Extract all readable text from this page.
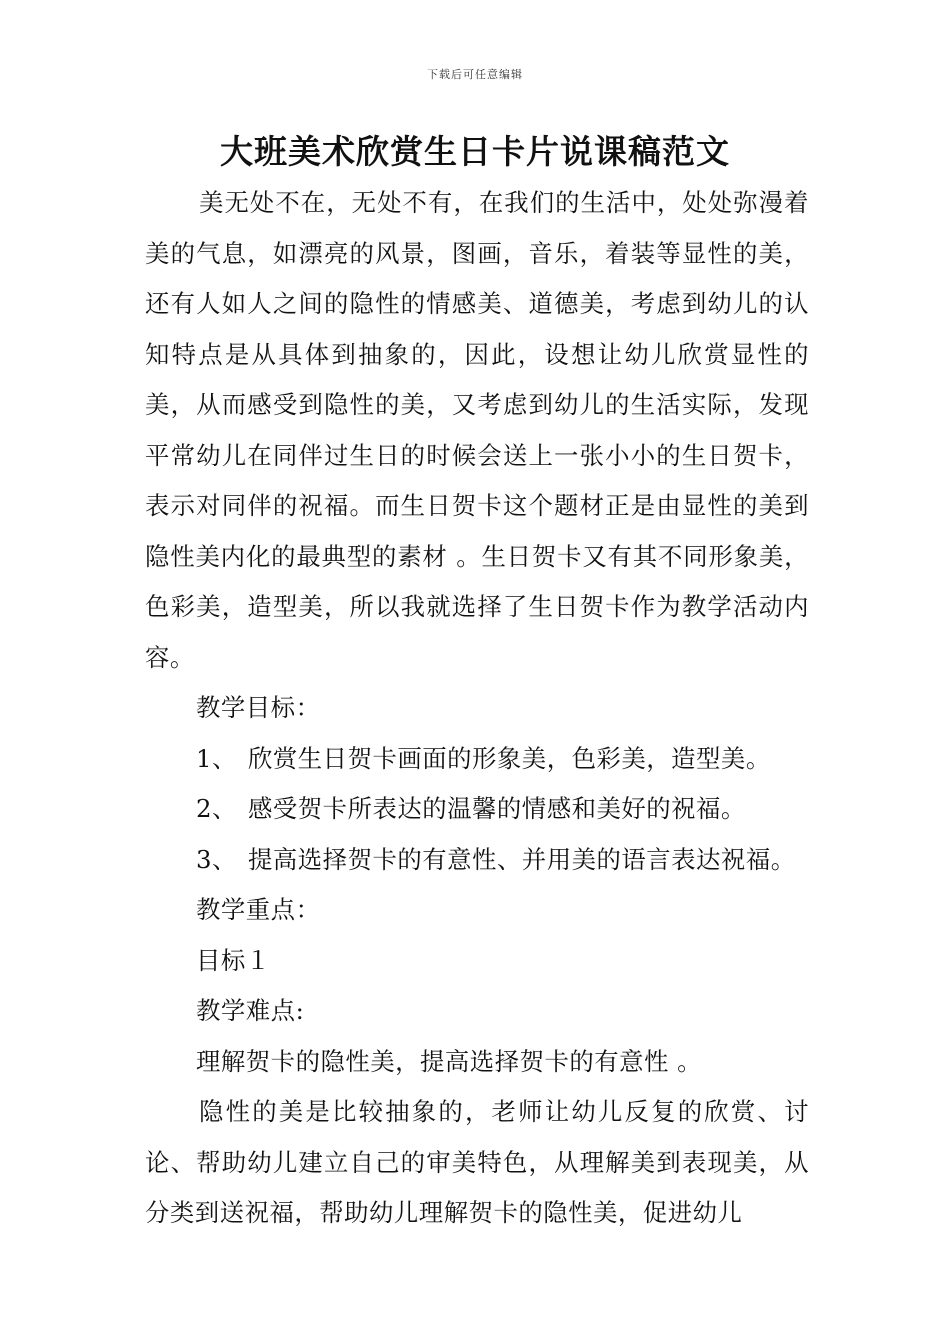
下载后可任意编辑
大班美术欣赏生日卡片说课稿范文

美无处不在，无处不有，在我们的生活中，处处弥漫着美的气息，如漂亮的风景，图画，音乐，着装等显性的美，还有人如人之间的隐性的情感美、道德美，考虑到幼儿的认知特点是从具体到抽象的，因此，设想让幼儿欣赏显性的美，从而感受到隐性的美，又考虑到幼儿的生活实际，发现平常幼儿在同伴过生日的时候会送上一张小小的生日贺卡，表示对同伴的祝福。而生日贺卡这个题材正是由显性的美到隐性美内化的最典型的素材 。生日贺卡又有其不同形象美，色彩美，造型美，所以我就选择了生日贺卡作为教学活动内容。

教学目标：

1、 欣赏生日贺卡画面的形象美，色彩美，造型美。

2、 感受贺卡所表达的温馨的情感和美好的祝福。

3、 提高选择贺卡的有意性、并用美的语言表达祝福。

教学重点：

目标１

教学难点:

理解贺卡的隐性美，提高选择贺卡的有意性 。

隐性的美是比较抽象的，老师让幼儿反复的欣赏、讨论、帮助幼儿建立自己的审美特色，从理解美到表现美，从分类到送祝福，帮助幼儿理解贺卡的隐性美，促进幼儿
